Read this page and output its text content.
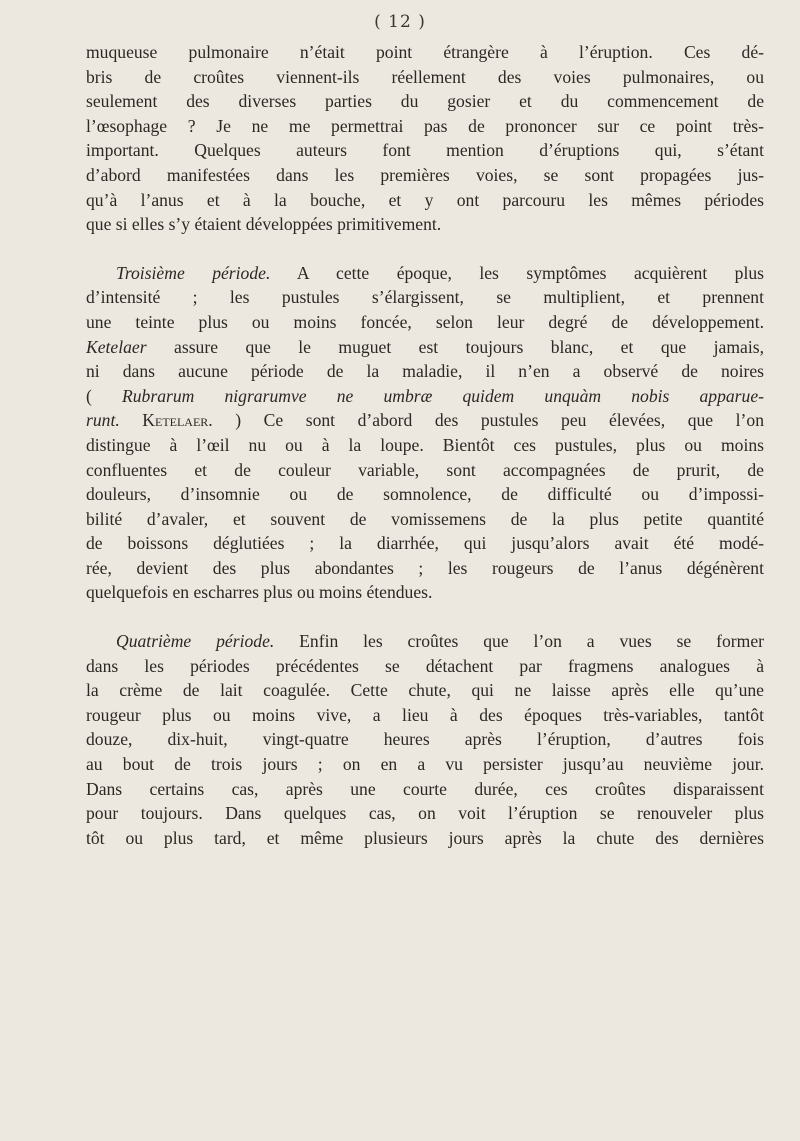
( 12 )
muqueuse pulmonaire n’était point étrangère à l’éruption. Ces dé-
bris de croûtes viennent-ils réellement des voies pulmonaires, ou
seulement des diverses parties du gosier et du commencement de
l’œsophage ? Je ne me permettrai pas de prononcer sur ce point très-
important. Quelques auteurs font mention d’éruptions qui, s’étant
d’abord manifestées dans les premières voies, se sont propagées jus-
qu’à l’anus et à la bouche, et y ont parcouru les mêmes périodes
que si elles s’y étaient développées primitivement.
Troisième période. A cette époque, les symptômes acquièrent plus
d’intensité ; les pustules s’élargissent, se multiplient, et prennent
une teinte plus ou moins foncée, selon leur degré de développement.
Ketelaer assure que le muguet est toujours blanc, et que jamais,
ni dans aucune période de la maladie, il n’en a observé de noires
( Rubrarum nigrarumve ne umbræ quidem unquàm nobis apparue-
runt. Ketelaer. ) Ce sont d’abord des pustules peu élevées, que l’on
distingue à l’œil nu ou à la loupe. Bientôt ces pustules, plus ou moins
confluentes et de couleur variable, sont accompagnées de prurit, de
douleurs, d’insomnie ou de somnolence, de difficulté ou d’impossi-
bilité d’avaler, et souvent de vomissemens de la plus petite quantité
de boissons déglutiées ; la diarrhée, qui jusqu’alors avait été modé-
rée, devient des plus abondantes ; les rougeurs de l’anus dégénèrent
quelquefois en escharres plus ou moins étendues.
Quatrième période. Enfin les croûtes que l’on a vues se former
dans les périodes précédentes se détachent par fragmens analogues à
la crème de lait coagulée. Cette chute, qui ne laisse après elle qu’une
rougeur plus ou moins vive, a lieu à des époques très-variables, tantôt
douze, dix-huit, vingt-quatre heures après l’éruption, d’autres fois
au bout de trois jours ; on en a vu persister jusqu’au neuvième jour.
Dans certains cas, après une courte durée, ces croûtes disparaissent
pour toujours. Dans quelques cas, on voit l’éruption se renouveler plus
tôt ou plus tard, et même plusieurs jours après la chute des dernières
